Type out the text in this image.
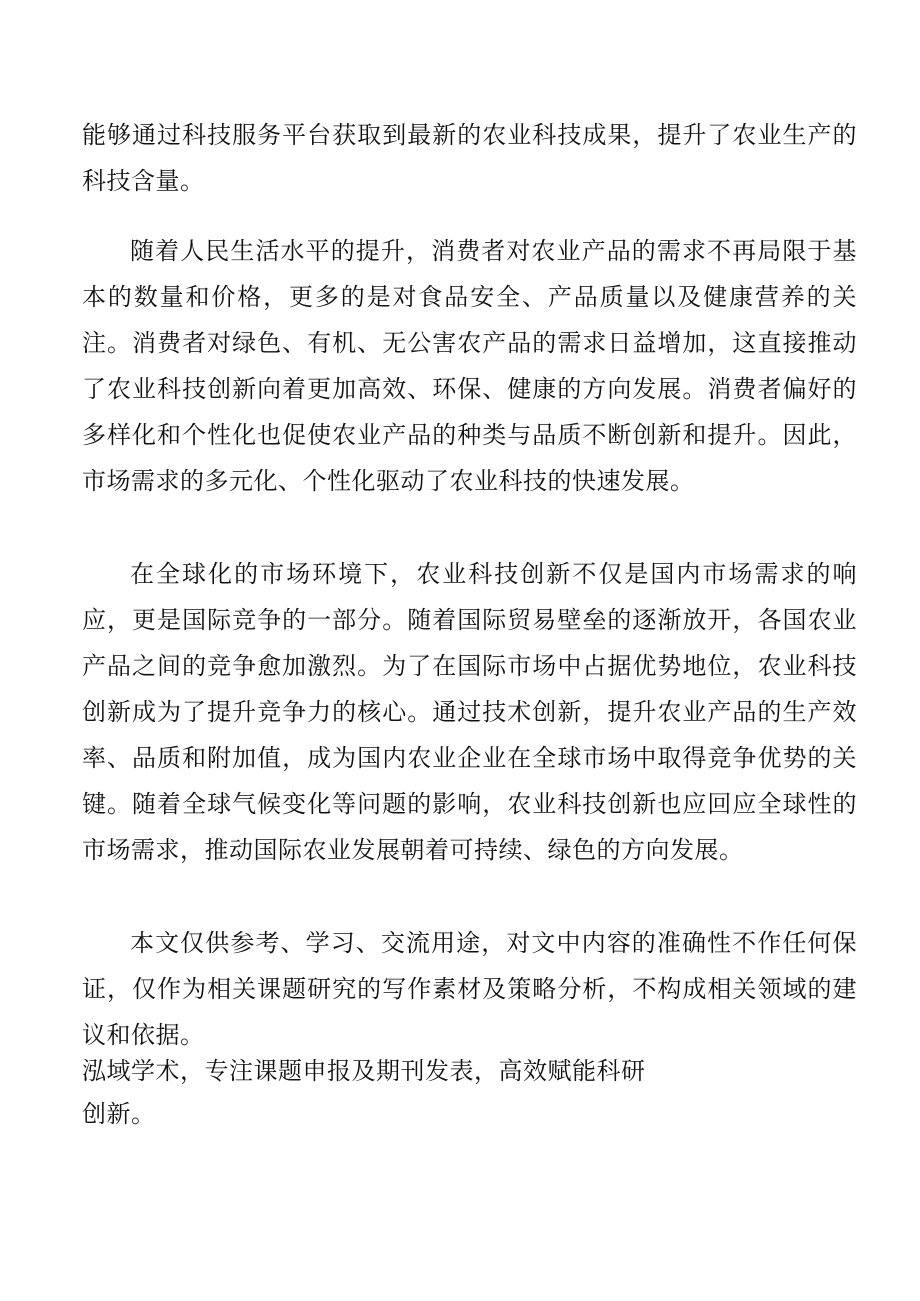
能够通过科技服务平台获取到最新的农业科技成果，提升了农业生产的科技含量。

随着人民生活水平的提升，消费者对农业产品的需求不再局限于基本的数量和价格，更多的是对食品安全、产品质量以及健康营养的关注。消费者对绿色、有机、无公害农产品的需求日益增加，这直接推动了农业科技创新向着更加高效、环保、健康的方向发展。消费者偏好的多样化和个性化也促使农业产品的种类与品质不断创新和提升。因此，市场需求的多元化、个性化驱动了农业科技的快速发展。

在全球化的市场环境下，农业科技创新不仅是国内市场需求的响应，更是国际竞争的一部分。随着国际贸易壁垒的逐渐放开，各国农业产品之间的竞争愈加激烈。为了在国际市场中占据优势地位，农业科技创新成为了提升竞争力的核心。通过技术创新，提升农业产品的生产效率、品质和附加值，成为国内农业企业在全球市场中取得竞争优势的关键。随着全球气候变化等问题的影响，农业科技创新也应回应全球性的市场需求，推动国际农业发展朝着可持续、绿色的方向发展。

本文仅供参考、学习、交流用途，对文中内容的准确性不作任何保证，仅作为相关课题研究的写作素材及策略分析，不构成相关领域的建议和依据。

泓域学术，专注课题申报及期刊发表，高效赋能科研

创新。
